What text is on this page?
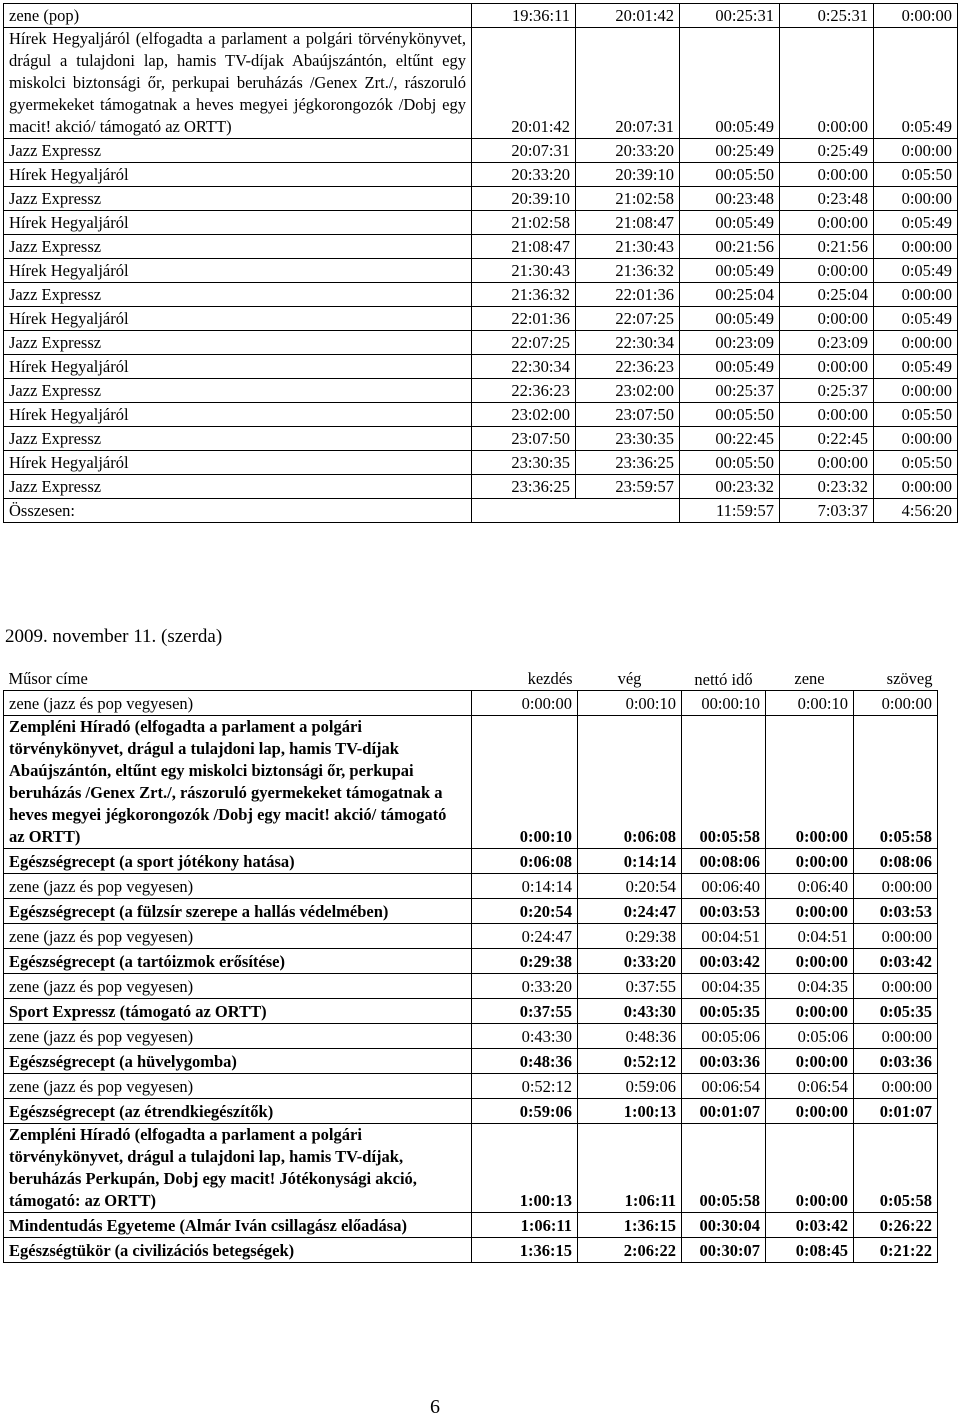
zene (pop)	19:36:11	20:01:42	00:25:31	0:25:31	0:00:00
Hírek Hegyaljáról (elfogadta a parlament a polgári törvénykönyvet, drágul a tulajdoni lap, hamis TV-díjak Abaújszántón, eltűnt egy miskolci biztonsági őr, perkupai beruházás /Genex Zrt./, rászoruló gyermekeket támogatnak a heves megyei jégkorongozók /Dobj egy macit! akció/ támogató az ORTT)	20:01:42	20:07:31	00:05:49	0:00:00	0:05:49
Jazz Expressz	20:07:31	20:33:20	00:25:49	0:25:49	0:00:00
Hírek Hegyaljáról	20:33:20	20:39:10	00:05:50	0:00:00	0:05:50
Jazz Expressz	20:39:10	21:02:58	00:23:48	0:23:48	0:00:00
Hírek Hegyaljáról	21:02:58	21:08:47	00:05:49	0:00:00	0:05:49
Jazz Expressz	21:08:47	21:30:43	00:21:56	0:21:56	0:00:00
Hírek Hegyaljáról	21:30:43	21:36:32	00:05:49	0:00:00	0:05:49
Jazz Expressz	21:36:32	22:01:36	00:25:04	0:25:04	0:00:00
Hírek Hegyaljáról	22:01:36	22:07:25	00:05:49	0:00:00	0:05:49
Jazz Expressz	22:07:25	22:30:34	00:23:09	0:23:09	0:00:00
Hírek Hegyaljáról	22:30:34	22:36:23	00:05:49	0:00:00	0:05:49
Jazz Expressz	22:36:23	23:02:00	00:25:37	0:25:37	0:00:00
Hírek Hegyaljáról	23:02:00	23:07:50	00:05:50	0:00:00	0:05:50
Jazz Expressz	23:07:50	23:30:35	00:22:45	0:22:45	0:00:00
Hírek Hegyaljáról	23:30:35	23:36:25	00:05:50	0:00:00	0:05:50
Jazz Expressz	23:36:25	23:59:57	00:23:32	0:23:32	0:00:00
Összesen:			11:59:57	7:03:37	4:56:20
2009. november 11. (szerda)
Műsor címe	kezdés	vég	nettó idő	zene	szöveg
zene (jazz és pop vegyesen)	0:00:00	0:00:10	00:00:10	0:00:10	0:00:00
Zempléni Híradó (elfogadta a parlament a polgári törvénykönyvet, drágul a tulajdoni lap, hamis TV-díjak Abaújszántón, eltűnt egy miskolci biztonsági őr, perkupai beruházás /Genex Zrt./, rászoruló gyermekeket támogatnak a heves megyei jégkorongozók /Dobj egy macit! akció/ támogató az ORTT)	0:00:10	0:06:08	00:05:58	0:00:00	0:05:58
Egészségrecept (a sport jótékony hatása)	0:06:08	0:14:14	00:08:06	0:00:00	0:08:06
zene (jazz és pop vegyesen)	0:14:14	0:20:54	00:06:40	0:06:40	0:00:00
Egészségrecept (a fülzsír szerepe a hallás védelmében)	0:20:54	0:24:47	00:03:53	0:00:00	0:03:53
zene (jazz és pop vegyesen)	0:24:47	0:29:38	00:04:51	0:04:51	0:00:00
Egészségrecept (a tartóizmok erősítése)	0:29:38	0:33:20	00:03:42	0:00:00	0:03:42
zene (jazz és pop vegyesen)	0:33:20	0:37:55	00:04:35	0:04:35	0:00:00
Sport Expressz (támogató az ORTT)	0:37:55	0:43:30	00:05:35	0:00:00	0:05:35
zene (jazz és pop vegyesen)	0:43:30	0:48:36	00:05:06	0:05:06	0:00:00
Egészségrecept (a hüvelygomba)	0:48:36	0:52:12	00:03:36	0:00:00	0:03:36
zene (jazz és pop vegyesen)	0:52:12	0:59:06	00:06:54	0:06:54	0:00:00
Egészségrecept (az étrendkiegészítők)	0:59:06	1:00:13	00:01:07	0:00:00	0:01:07
Zempléni Híradó (elfogadta a parlament a polgári törvénykönyvet, drágul a tulajdoni lap, hamis TV-díjak, beruházás Perkupán, Dobj egy macit! Jótékonysági akció, támogató: az ORTT)	1:00:13	1:06:11	00:05:58	0:00:00	0:05:58
Mindentudás Egyeteme (Almár Iván csillagász előadása)	1:06:11	1:36:15	00:30:04	0:03:42	0:26:22
Egészségtükör (a civilizációs betegségek)	1:36:15	2:06:22	00:30:07	0:08:45	0:21:22
6
